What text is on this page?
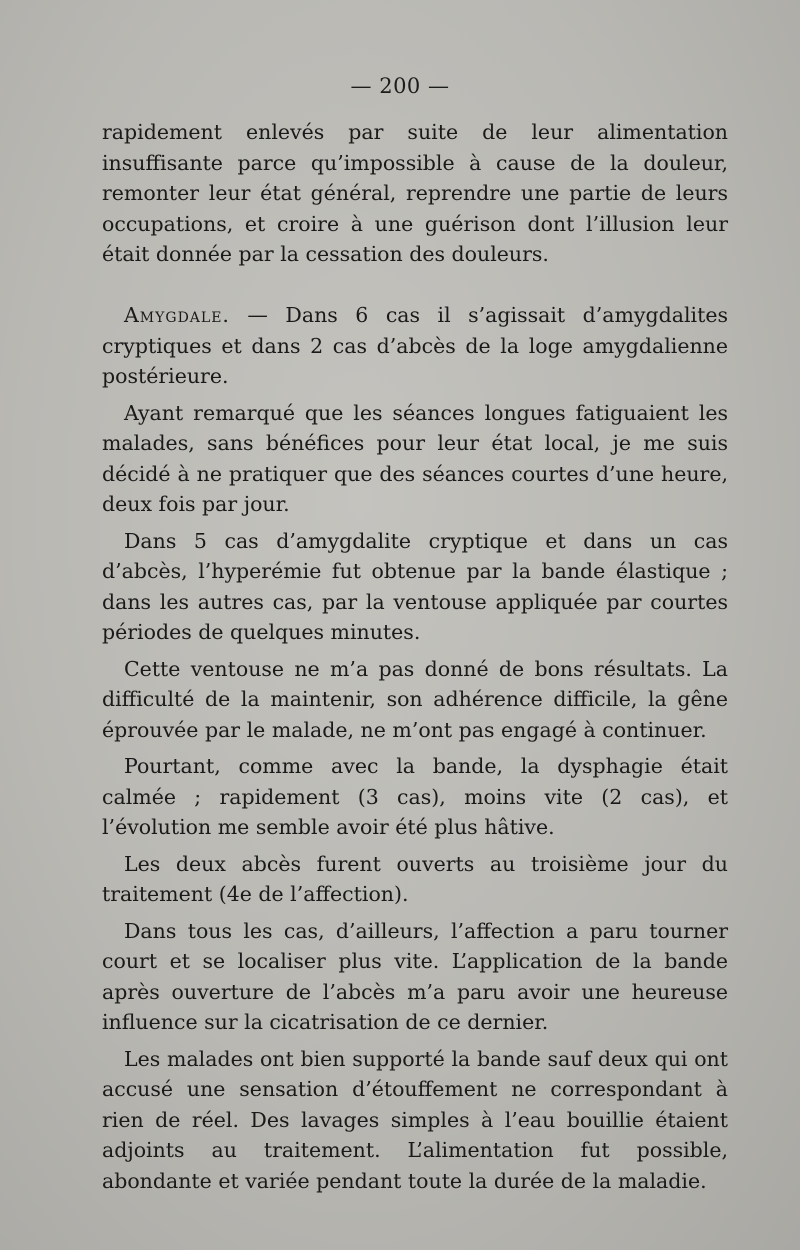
— 200 —

rapidement enlevés par suite de leur alimentation insuffisante parce qu’impossible à cause de la douleur, remonter leur état général, reprendre une partie de leurs occupations, et croire à une guérison dont l’illusion leur était donnée par la cessation des douleurs.

Amygdale. — Dans 6 cas il s’agissait d’amygdalites cryptiques et dans 2 cas d’abcès de la loge amygdalienne postérieure.

Ayant remarqué que les séances longues fatiguaient les malades, sans bénéfices pour leur état local, je me suis décidé à ne pratiquer que des séances courtes d’une heure, deux fois par jour.

Dans 5 cas d’amygdalite cryptique et dans un cas d’abcès, l’hyperémie fut obtenue par la bande élastique ; dans les autres cas, par la ventouse appliquée par courtes périodes de quelques minutes.

Cette ventouse ne m’a pas donné de bons résultats. La difficulté de la maintenir, son adhérence difficile, la gêne éprouvée par le malade, ne m’ont pas engagé à continuer.

Pourtant, comme avec la bande, la dysphagie était calmée ; rapidement (3 cas), moins vite (2 cas), et l’évolution me semble avoir été plus hâtive.

Les deux abcès furent ouverts au troisième jour du traitement (4e de l’affection).

Dans tous les cas, d’ailleurs, l’affection a paru tourner court et se localiser plus vite. L’application de la bande après ouverture de l’abcès m’a paru avoir une heureuse influence sur la cicatrisation de ce dernier.

Les malades ont bien supporté la bande sauf deux qui ont accusé une sensation d’étouffement ne correspondant à rien de réel. Des lavages simples à l’eau bouillie étaient adjoints au traitement. L’alimentation fut possible, abondante et variée pendant toute la durée de la maladie.
